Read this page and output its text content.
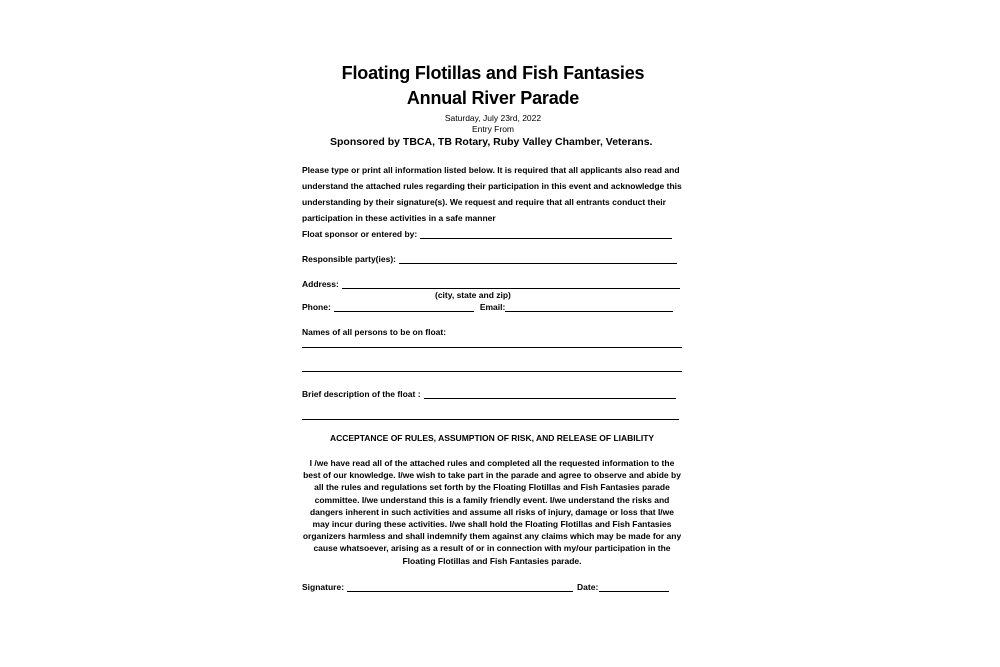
Floating Flotillas and Fish Fantasies
Annual River Parade
Saturday, July 23rd, 2022
Entry From
Sponsored by TBCA, TB Rotary, Ruby Valley Chamber, Veterans.
Please type or print all information listed below. It is required that all applicants also read and understand the attached rules regarding their participation in this event and acknowledge this understanding by their signature(s). We request and require that all entrants conduct their participation in these activities in a safe manner
Float sponsor or entered by:
Responsible party(ies):
Address:
(city, state and zip)
Phone:	Email:
Names of all persons to be on float:
Brief description of the float :
ACCEPTANCE OF RULES, ASSUMPTION OF RISK, AND RELEASE OF LIABILITY
I /we have read all of the attached rules and completed all the requested information to the best of our knowledge. I/we wish to take part in the parade and agree to observe and abide by all the rules and regulations set forth by the Floating Flotillas and Fish Fantasies parade committee. I/we understand this is a family friendly event. I/we understand the risks and dangers inherent in such activities and assume all risks of injury, damage or loss that I/we may incur during these activities. I/we shall hold the Floating Flotillas and Fish Fantasies organizers harmless and shall indemnify them against any claims which may be made for any cause whatsoever, arising as a result of or in connection with my/our participation in the Floating Flotillas and Fish Fantasies parade.
Signature:	Date:
